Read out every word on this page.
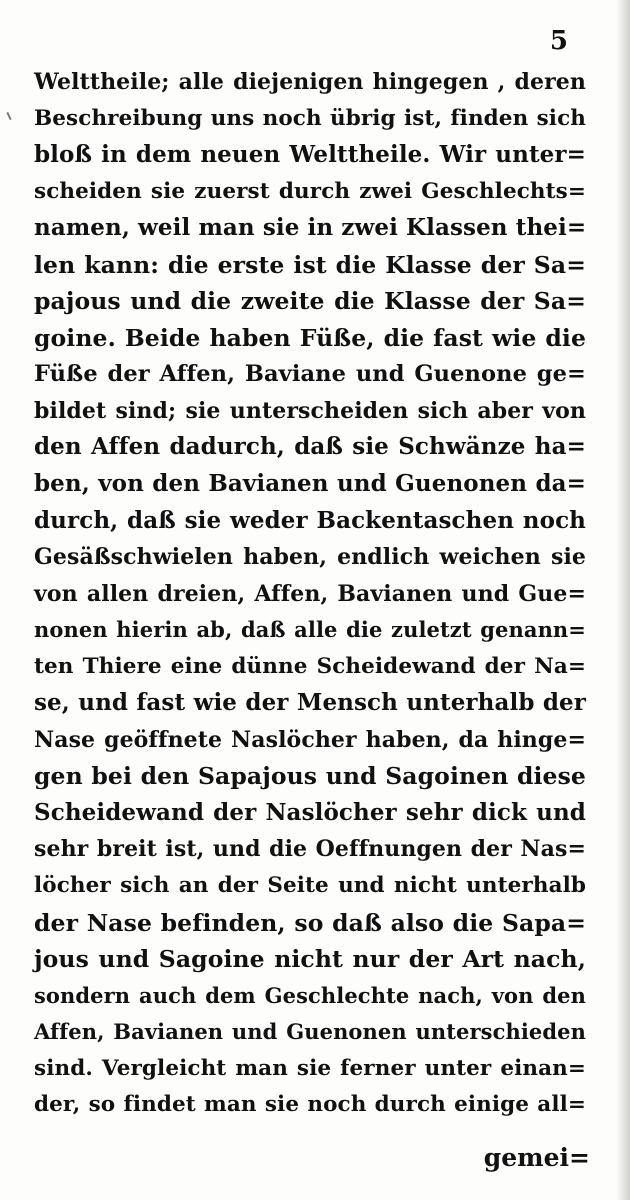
5
Welttheile; alle diejenigen hingegen , deren
Beschreibung uns noch übrig ist, finden sich
bloß in dem neuen Welttheile. Wir unter=
scheiden sie zuerst durch zwei Geschlechts=
namen, weil man sie in zwei Klassen thei=
len kann: die erste ist die Klasse der Sa=
pajous und die zweite die Klasse der Sa=
goine. Beide haben Füße, die fast wie die
Füße der Affen, Baviane und Guenone ge=
bildet sind; sie unterscheiden sich aber von
den Affen dadurch, daß sie Schwänze ha=
ben, von den Bavianen und Guenonen da=
durch, daß sie weder Backentaschen noch
Gesäßschwielen haben, endlich weichen sie
von allen dreien, Affen, Bavianen und Gue=
nonen hierin ab, daß alle die zuletzt genann=
ten Thiere eine dünne Scheidewand der Na=
se, und fast wie der Mensch unterhalb der
Nase geöffnete Naslöcher haben, da hinge=
gen bei den Sapajous und Sagoinen diese
Scheidewand der Naslöcher sehr dick und
sehr breit ist, und die Oeffnungen der Nas=
löcher sich an der Seite und nicht unterhalb
der Nase befinden, so daß also die Sapa=
jous und Sagoine nicht nur der Art nach,
sondern auch dem Geschlechte nach, von den
Affen, Bavianen und Guenonen unterschieden
sind. Vergleicht man sie ferner unter einan=
der, so findet man sie noch durch einige all=
gemei=
